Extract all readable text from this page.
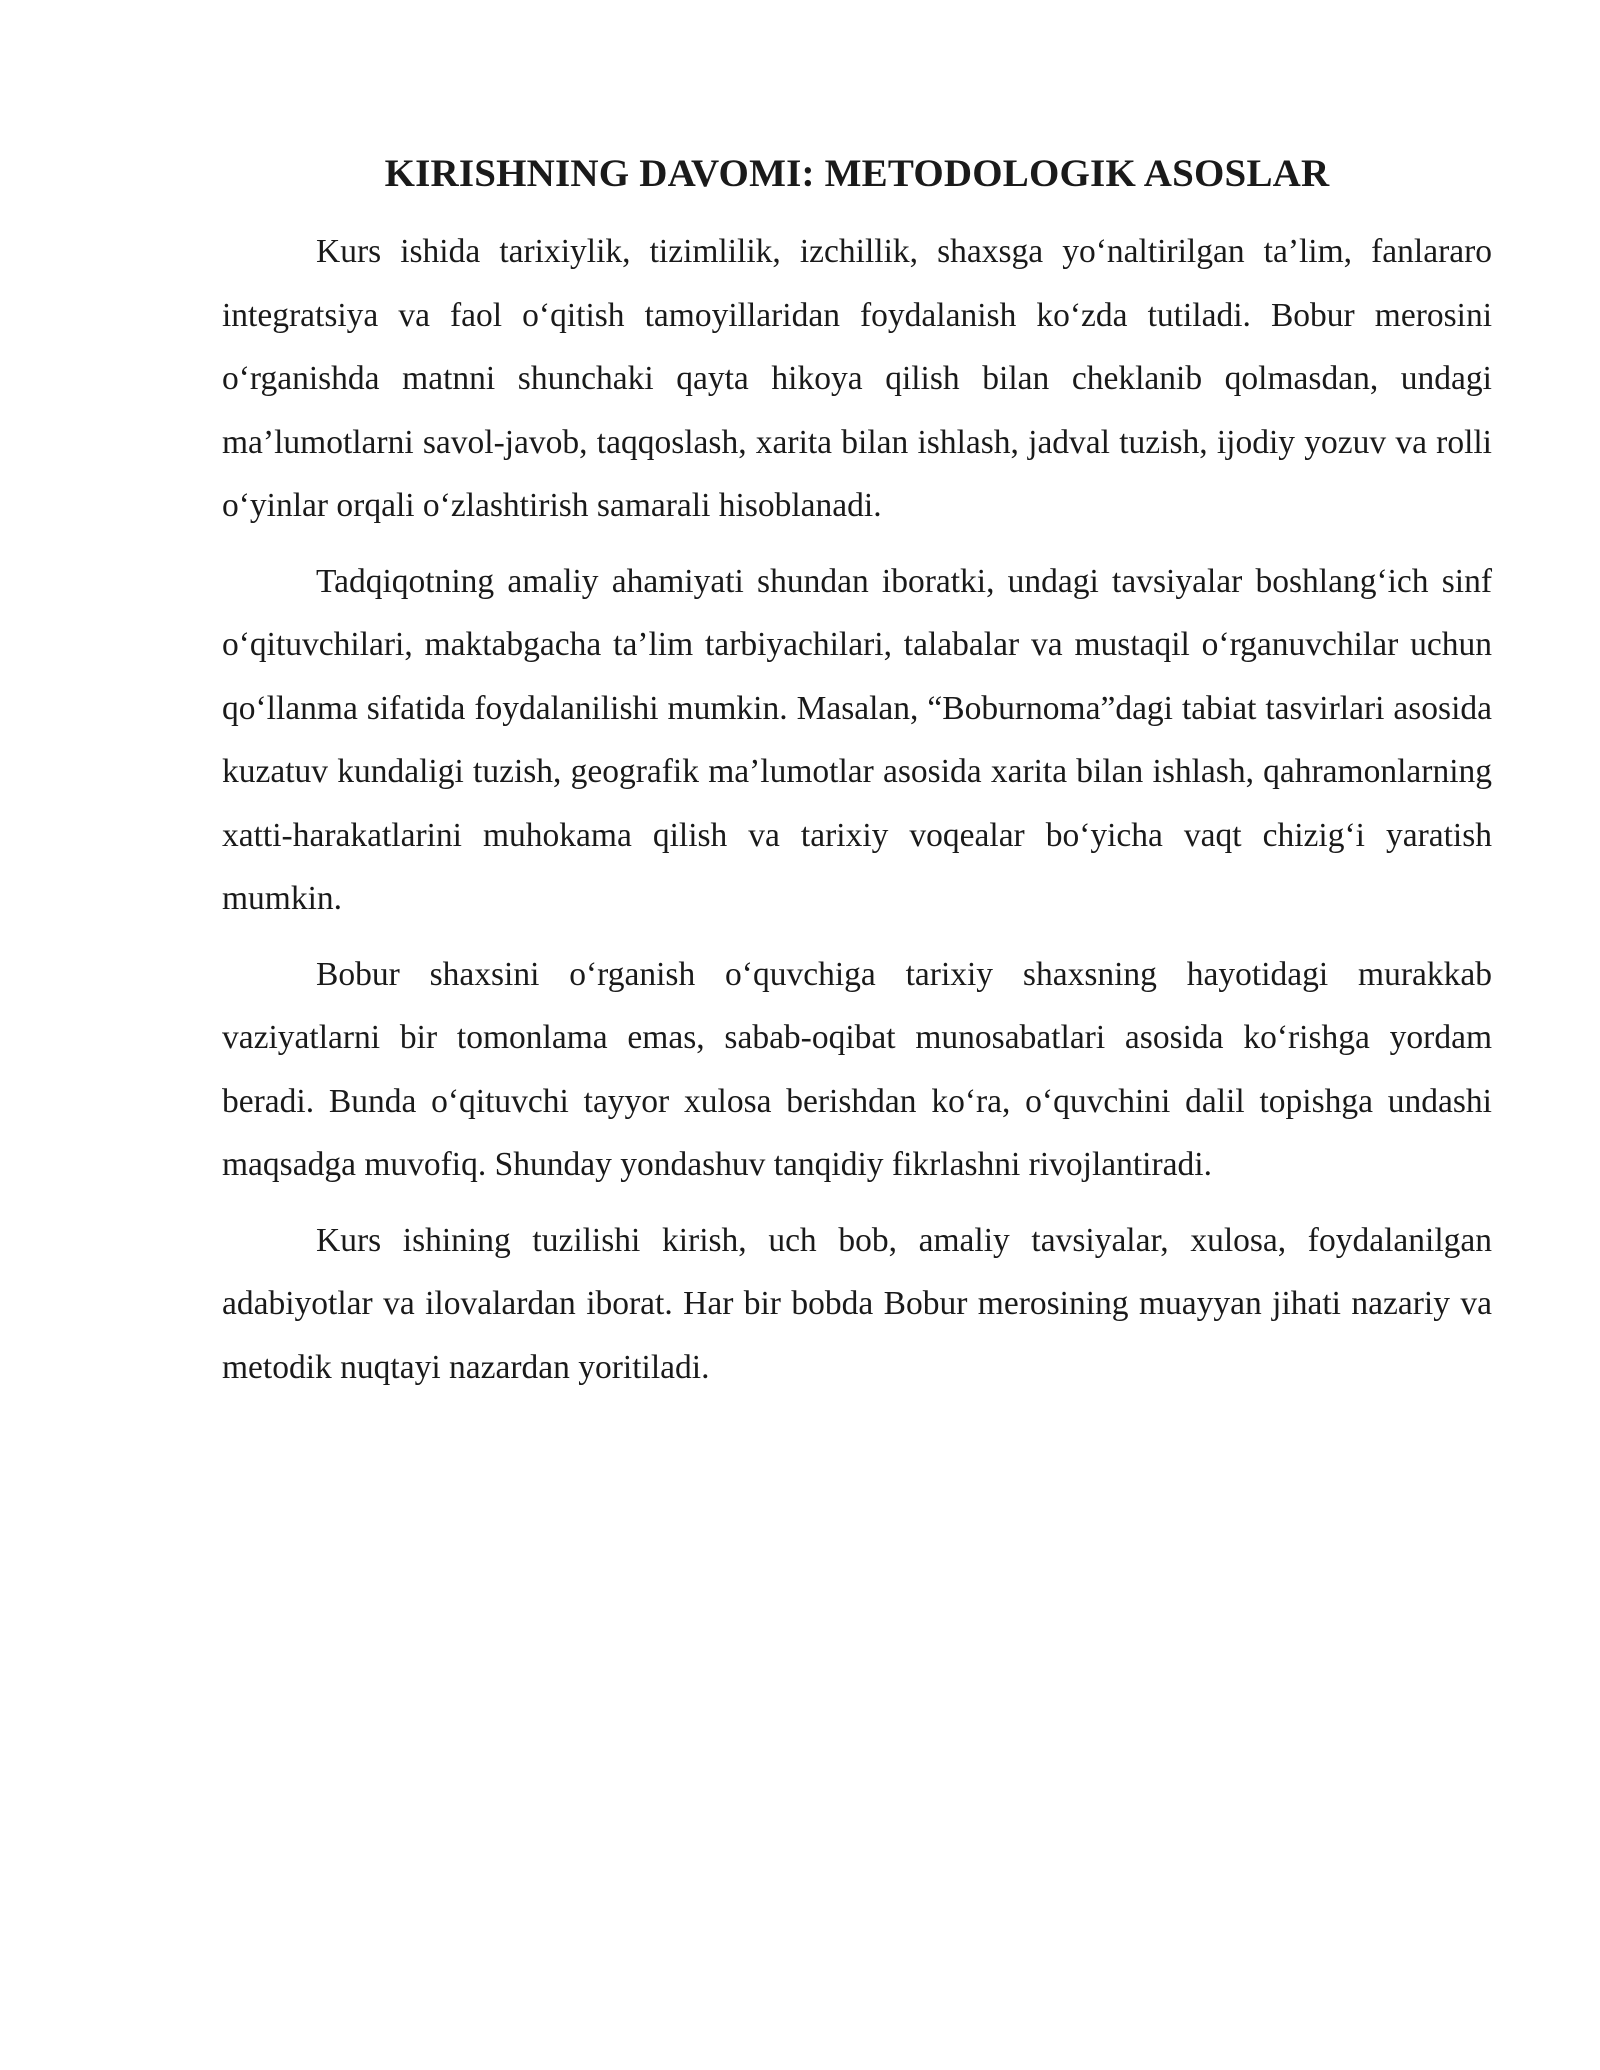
KIRISHNING DAVOMI: METODOLOGIK ASOSLAR

Kurs ishida tarixiylik, tizimlilik, izchillik, shaxsga yo‘naltirilgan ta’lim, fanlararo integratsiya va faol o‘qitish tamoyillaridan foydalanish ko‘zda tutiladi. Bobur merosini o‘rganishda matnni shunchaki qayta hikoya qilish bilan cheklanib qolmasdan, undagi ma’lumotlarni savol-javob, taqqoslash, xarita bilan ishlash, jadval tuzish, ijodiy yozuv va rolli o‘yinlar orqali o‘zlashtirish samarali hisoblanadi.

Tadqiqotning amaliy ahamiyati shundan iboratki, undagi tavsiyalar boshlang‘ich sinf o‘qituvchilari, maktabgacha ta’lim tarbiyachilari, talabalar va mustaqil o‘rganuvchilar uchun qo‘llanma sifatida foydalanilishi mumkin. Masalan, “Boburnoma”dagi tabiat tasvirlari asosida kuzatuv kundaligi tuzish, geografik ma’lumotlar asosida xarita bilan ishlash, qahramonlarning xatti-harakatlarini muhokama qilish va tarixiy voqealar bo‘yicha vaqt chizig‘i yaratish mumkin.

Bobur shaxsini o‘rganish o‘quvchiga tarixiy shaxsning hayotidagi murakkab vaziyatlarni bir tomonlama emas, sabab-oqibat munosabatlari asosida ko‘rishga yordam beradi. Bunda o‘qituvchi tayyor xulosa berishdan ko‘ra, o‘quvchini dalil topishga undashi maqsadga muvofiq. Shunday yondashuv tanqidiy fikrlashni rivojlantiradi.

Kurs ishining tuzilishi kirish, uch bob, amaliy tavsiyalar, xulosa, foydalanilgan adabiyotlar va ilovalardan iborat. Har bir bobda Bobur merosining muayyan jihati nazariy va metodik nuqtayi nazardan yoritiladi.
